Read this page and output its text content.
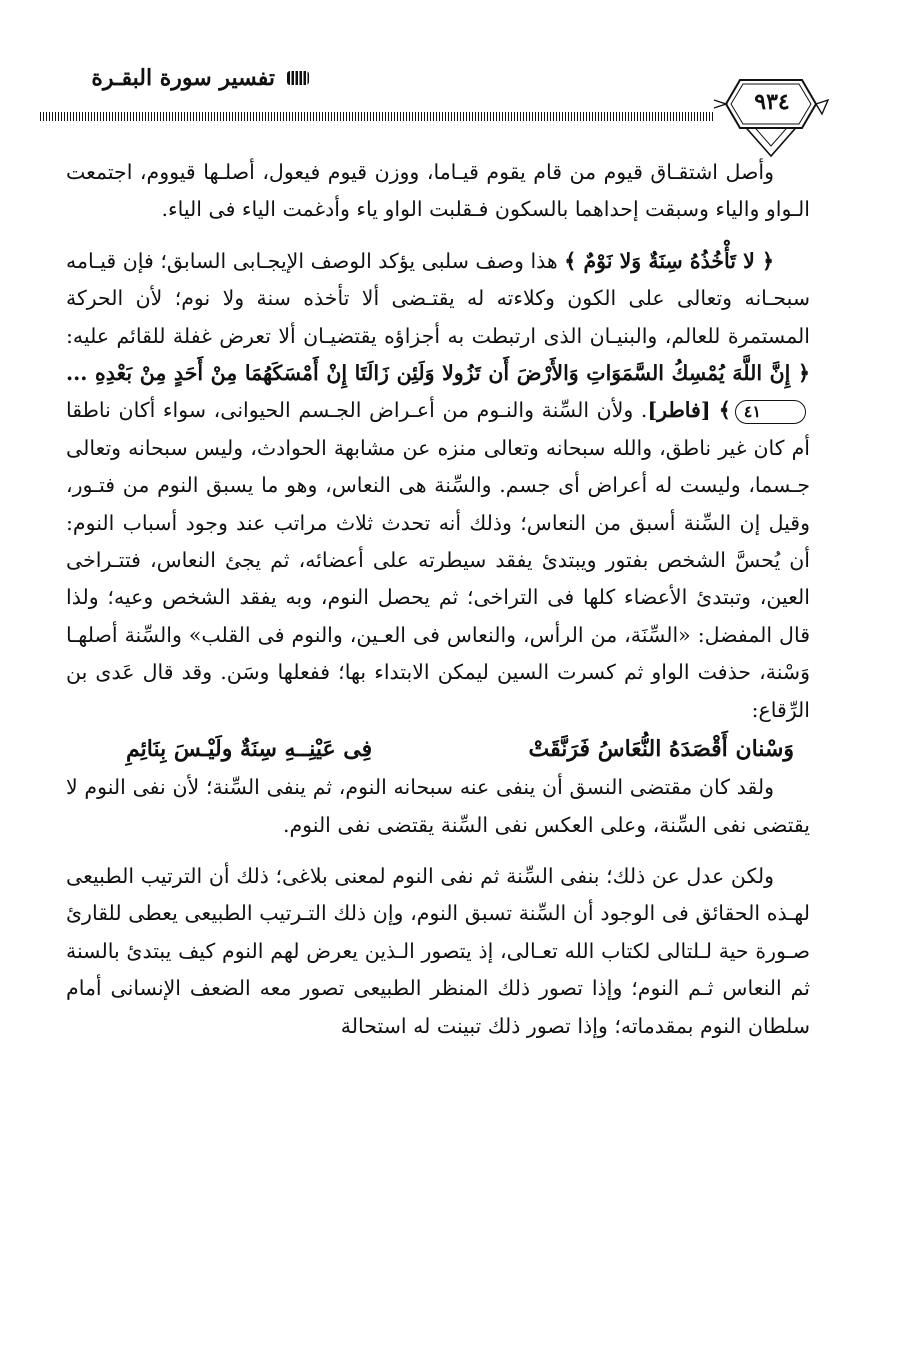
تفسير سورة البقـرة
٩٣٤

وأصل اشتقـاق قيوم من قام يقوم قيـاما، ووزن قيوم فيعول، أصلـها قيووم، اجتمعت الـواو والياء وسبقت إحداهما بالسكون فـقلبت الواو ياء وأدغمت الياء فى الياء.

﴿ لا تَأْخُذُهُ سِنَةٌ وَلا نَوْمٌ ﴾ هذا وصف سلبى يؤكد الوصف الإيجـابى السابق؛ فإن قيـامه سبحـانه وتعالى على الكون وكلاءته له يقتـضى ألا تأخذه سنة ولا نوم؛ لأن الحركة المستمرة للعالم، والبنيـان الذى ارتبطت به أجزاؤه يقتضيـان ألا تعرض غفلة للقائم عليه: ﴿ إِنَّ اللَّهَ يُمْسِكُ السَّمَوَاتِ وَالأَرْضَ أَن تَزُولا وَلَئِن زَالَتَا إِنْ أَمْسَكَهُمَا مِنْ أَحَدٍ مِنْ بَعْدِهِ ...٤١﴾ [فاطر]. ولأن السِّنة والنـوم من أعـراض الجـسم الحيوانى، سواء أكان ناطقا أم كان غير ناطق، والله سبحانه وتعالى منزه عن مشابهة الحوادث، وليس سبحانه وتعالى جـسما، وليست له أعراض أى جسم. والسِّنة هى النعاس، وهو ما يسبق النوم من فتـور، وقيل إن السِّنة أسبق من النعاس؛ وذلك أنه تحدث ثلاث مراتب عند وجود أسباب النوم: أن يُحسَّ الشخص بفتور ويبتدئ يفقد سيطرته على أعضائه، ثم يجئ النعاس، فتتـراخى العين، وتبتدئ الأعضاء كلها فى التراخى؛ ثم يحصل النوم، وبه يفقد الشخص وعيه؛ ولذا قال المفضل: «السِّنَة، من الرأس، والنعاس فى العـين، والنوم فى القلب» والسِّنة أصلهـا وَسْنة، حذفت الواو ثم كسرت السين ليمكن الابتداء بها؛ ففعلها وسَن. وقد قال عَدى بن الرِّقاع:

وَسْنان أَقْصَدَهُ النُّعَاسُ فَرَنَّقَتْ
فِى عَيْنِــهِ سِنَةٌ ولَيْـسَ بِنَائِمِ

ولقد كان مقتضى النسق أن ينفى عنه سبحانه النوم، ثم ينفى السِّنة؛ لأن نفى النوم لا يقتضى نفى السِّنة، وعلى العكس نفى السِّنة يقتضى نفى النوم.

ولكن عدل عن ذلك؛ بنفى السِّنة ثم نفى النوم لمعنى بلاغى؛ ذلك أن الترتيب الطبيعى لهـذه الحقائق فى الوجود أن السِّنة تسبق النوم، وإن ذلك التـرتيب الطبيعى يعطى للقارئ صـورة حية لـلتالى لكتاب الله تعـالى، إذ يتصور الـذين يعرض لهم النوم كيف يبتدئ بالسنة ثم النعاس ثـم النوم؛ وإذا تصور ذلك المنظر الطبيعى تصور معه الضعف الإنسانى أمام سلطان النوم بمقدماته؛ وإذا تصور ذلك تبينت له استحالة
